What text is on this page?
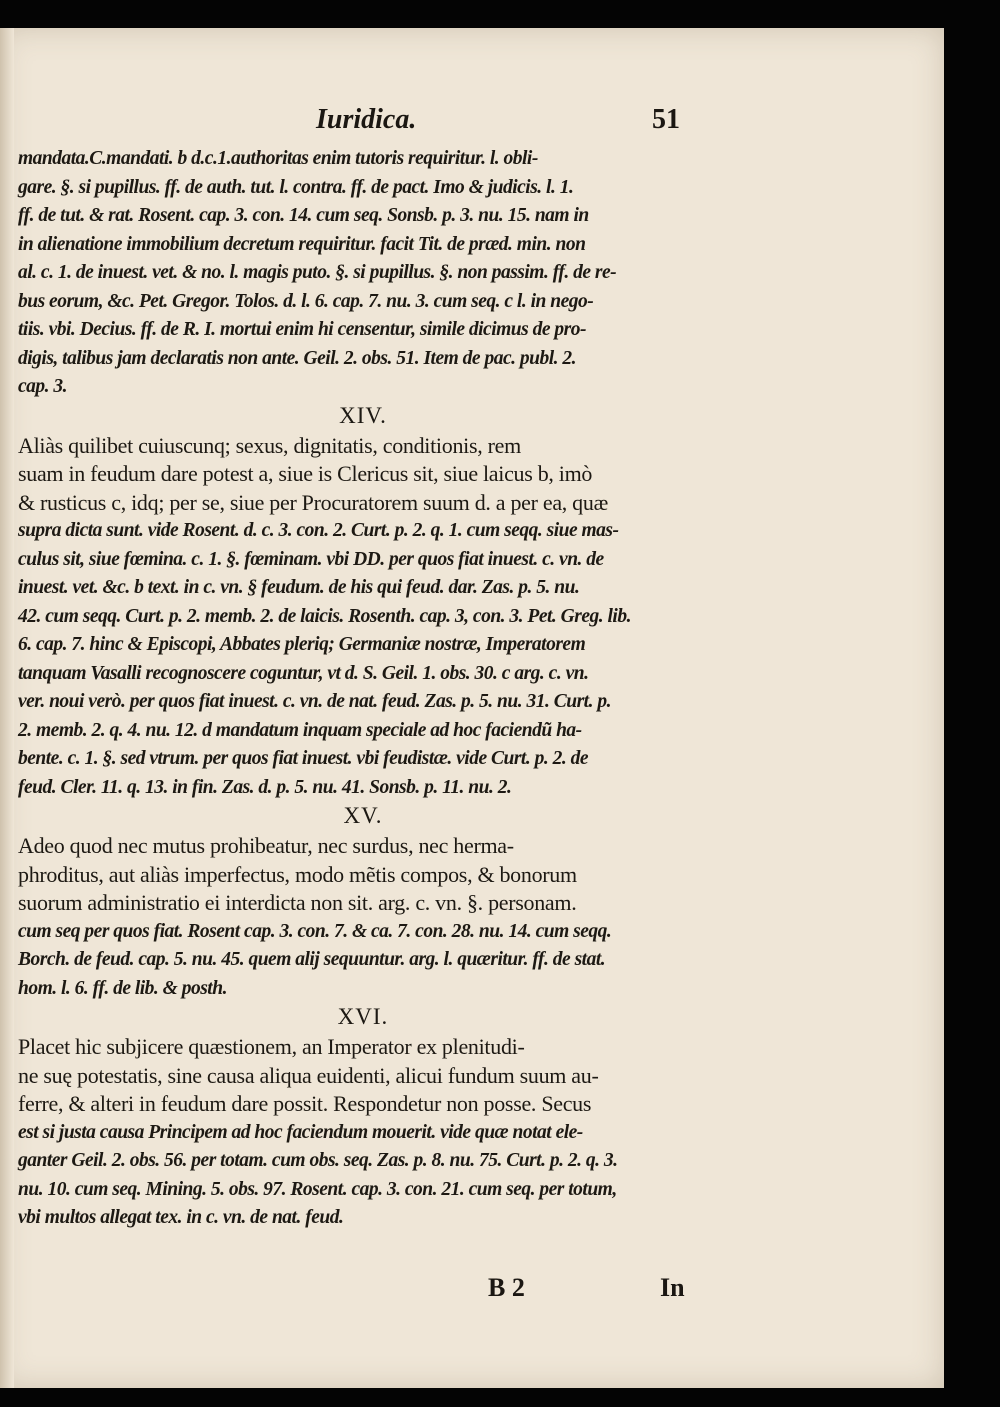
Iuridica.	51
mandata.C.mandati. b d.c.1.authoritas enim tutoris requiritur. l. obli-
gare. §. si pupillus. ff. de auth. tut. l. contra. ff. de pact. Imo & judicis. l. 1.
ff. de tut. & rat. Rosent. cap. 3. con. 14. cum seq. Sonsb. p. 3. nu. 15. nam in
in alienatione immobilium decretum requiritur. facit Tit. de præd. min. non
al. c. 1. de inuest. vet. & no. l. magis puto. §. si pupillus. §. non passim. ff. de re-
bus eorum, &c. Pet. Gregor. Tolos. d. l. 6. cap. 7. nu. 3. cum seq. c l. in nego-
tiis. vbi. Decius. ff. de R. I. mortui enim hi censentur, simile dicimus de pro-
digis, talibus jam declaratis non ante. Geil. 2. obs. 51. Item de pac. publ. 2.
cap. 3.
XIV.
Aliàs quilibet cuiuscunq; sexus, dignitatis, conditionis, rem
suam in feudum dare potest a, siue is Clericus sit, siue laicus b, imò
& rusticus c, idq; per se, siue per Procuratorem suum d. a per ea, quæ
supra dicta sunt. vide Rosent. d. c. 3. con. 2. Curt. p. 2. q. 1. cum seqq. siue mas-
culus sit, siue fœmina. c. 1. §. fœminam. vbi DD. per quos fiat inuest. c. vn. de
inuest. vet. &c. b text. in c. vn. § feudum. de his qui feud. dar. Zas. p. 5. nu.
42. cum seqq. Curt. p. 2. memb. 2. de laicis. Rosenth. cap. 3, con. 3. Pet. Greg. lib.
6. cap. 7. hinc & Episcopi, Abbates pleriq; Germaniæ nostræ, Imperatorem
tanquam Vasalli recognoscere coguntur, vt d. S. Geil. 1. obs. 30. c arg. c. vn.
ver. noui verò. per quos fiat inuest. c. vn. de nat. feud. Zas. p. 5. nu. 31. Curt. p.
2. memb. 2. q. 4. nu. 12. d mandatum inquam speciale ad hoc faciendũ ha-
bente. c. 1. §. sed vtrum. per quos fiat inuest. vbi feudistæ. vide Curt. p. 2. de
feud. Cler. 11. q. 13. in fin. Zas. d. p. 5. nu. 41. Sonsb. p. 11. nu. 2.
XV.
Adeo quod nec mutus prohibeatur, nec surdus, nec herma-
phroditus, aut aliàs imperfectus, modo mẽtis compos, & bonorum
suorum administratio ei interdicta non sit. arg. c. vn. §. personam.
cum seq per quos fiat. Rosent cap. 3. con. 7. & ca. 7. con. 28. nu. 14. cum seqq.
Borch. de feud. cap. 5. nu. 45. quem alij sequuntur. arg. l. quæritur. ff. de stat.
hom. l. 6. ff. de lib. & posth.
XVI.
Placet hic subjicere quæstionem, an Imperator ex plenitudi-
ne suę potestatis, sine causa aliqua euidenti, alicui fundum suum au-
ferre, & alteri in feudum dare possit. Respondetur non posse. Secus
est si justa causa Principem ad hoc faciendum mouerit. vide quæ notat ele-
ganter Geil. 2. obs. 56. per totam. cum obs. seq. Zas. p. 8. nu. 75. Curt. p. 2. q. 3.
nu. 10. cum seq. Mining. 5. obs. 97. Rosent. cap. 3. con. 21. cum seq. per totum,
vbi multos allegat tex. in c. vn. de nat. feud.
B 2	In
